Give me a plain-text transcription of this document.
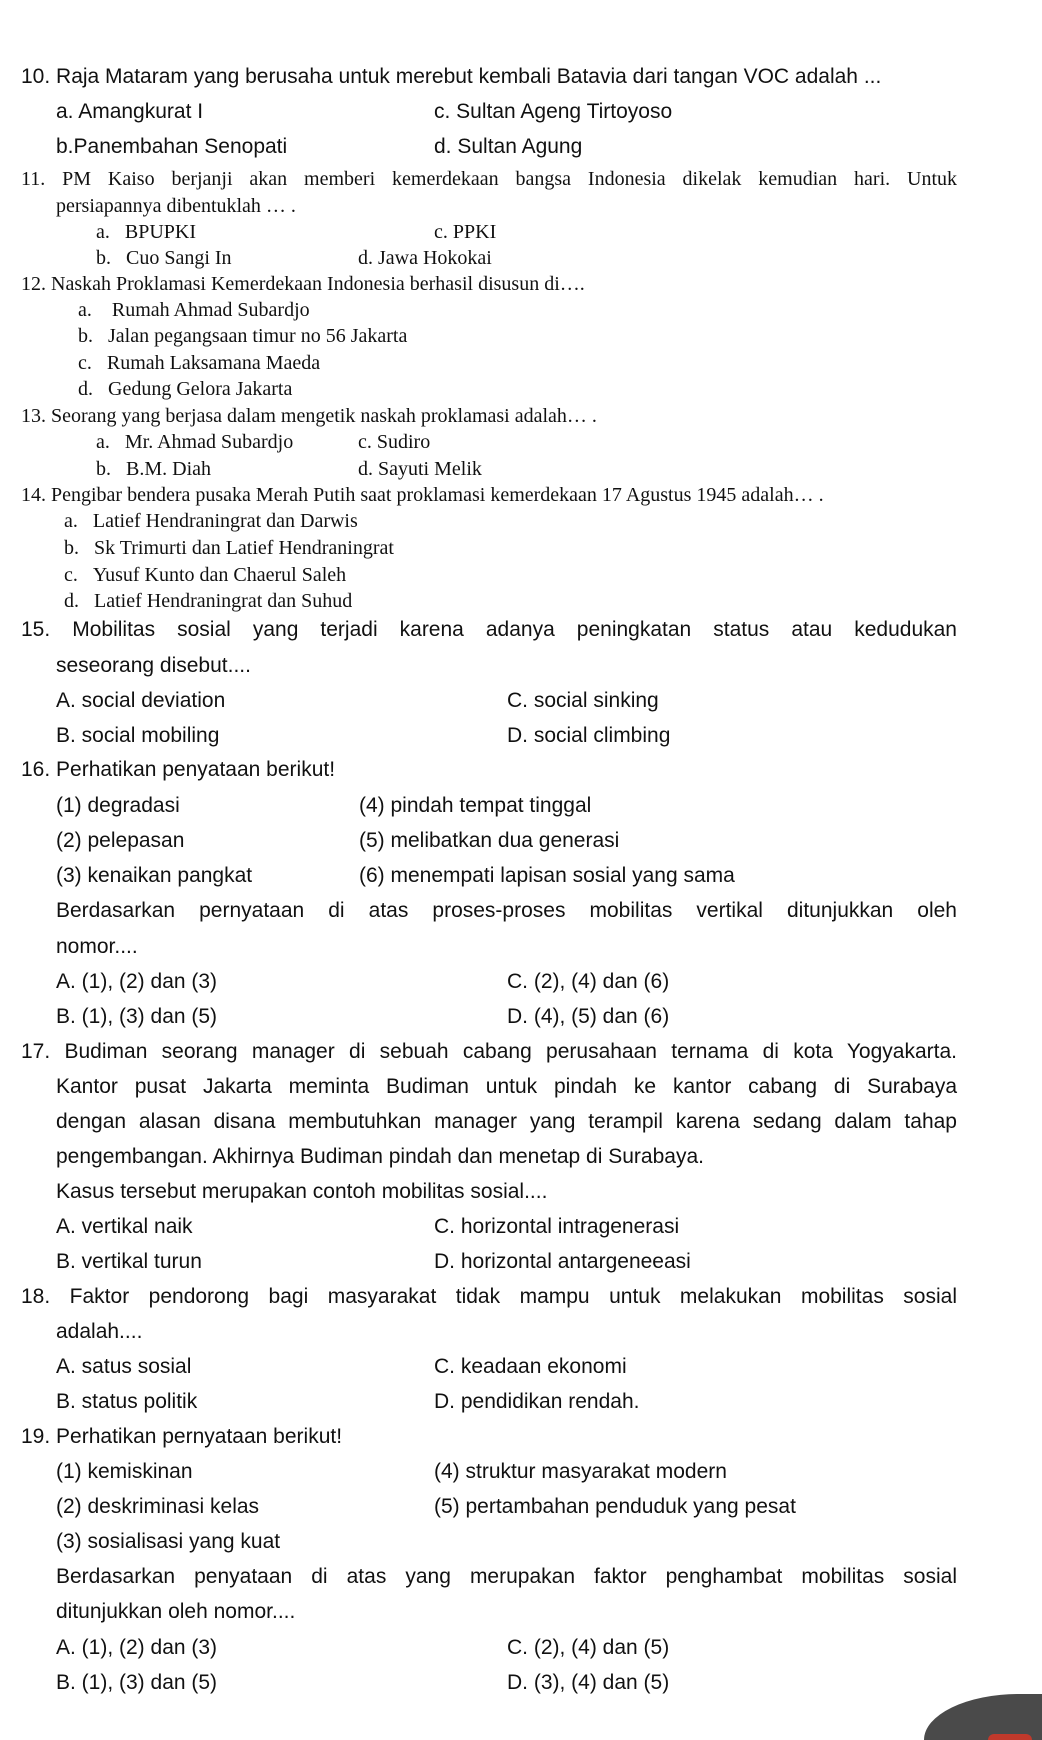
10. Raja Mataram yang berusaha untuk merebut kembali Batavia dari tangan VOC adalah ...
a. Amangkurat I	c. Sultan Ageng Tirtoyoso
b.Panembahan Senopati	d. Sultan Agung
11. PM Kaiso berjanji akan memberi kemerdekaan bangsa Indonesia dikelak kemudian hari. Untuk
persiapannya dibentuklah … .
a.   BPUPKI	c. PPKI
b.   Cuo Sangi In	d. Jawa Hokokai
12. Naskah Proklamasi Kemerdekaan Indonesia berhasil disusun di….
a.    Rumah Ahmad Subardjo
b.   Jalan pegangsaan timur no 56 Jakarta
c.   Rumah Laksamana Maeda
d.   Gedung Gelora Jakarta
13. Seorang yang berjasa dalam mengetik naskah proklamasi adalah… .
a.   Mr. Ahmad Subardjo	c. Sudiro
b.   B.M. Diah	d. Sayuti Melik
14. Pengibar bendera pusaka Merah Putih saat proklamasi kemerdekaan 17 Agustus 1945 adalah… .
a.   Latief Hendraningrat dan Darwis
b.   Sk Trimurti dan Latief Hendraningrat
c.   Yusuf Kunto dan Chaerul Saleh
d.   Latief Hendraningrat dan Suhud
15. Mobilitas sosial yang terjadi karena adanya peningkatan status atau kedudukan
seseorang disebut....
A. social deviation	C. social sinking
B. social mobiling	D. social climbing
16. Perhatikan penyataan berikut!
(1) degradasi	(4) pindah tempat tinggal
(2) pelepasan	(5) melibatkan dua generasi
(3) kenaikan pangkat	(6) menempati lapisan sosial yang sama
Berdasarkan pernyataan di atas proses-proses mobilitas vertikal ditunjukkan oleh
nomor....
A. (1), (2) dan (3)	C. (2), (4) dan (6)
B. (1), (3) dan (5)	D. (4), (5) dan (6)
17. Budiman seorang manager di sebuah cabang perusahaan ternama di kota Yogyakarta.
Kantor pusat Jakarta meminta Budiman untuk pindah ke kantor cabang di Surabaya
dengan alasan disana membutuhkan manager yang terampil karena sedang dalam tahap
pengembangan. Akhirnya Budiman pindah dan menetap di Surabaya.
Kasus tersebut merupakan contoh mobilitas sosial....
A. vertikal naik	C. horizontal intragenerasi
B. vertikal turun	D. horizontal antargeneeasi
18. Faktor pendorong bagi masyarakat tidak mampu untuk melakukan mobilitas sosial
adalah....
A. satus sosial	C. keadaan ekonomi
B. status politik	D. pendidikan rendah.
19. Perhatikan pernyataan berikut!
(1) kemiskinan	(4) struktur masyarakat modern
(2) deskriminasi kelas	(5) pertambahan penduduk yang pesat
(3) sosialisasi yang kuat
Berdasarkan penyataan di atas yang merupakan faktor penghambat mobilitas sosial
ditunjukkan oleh nomor....
A. (1), (2) dan (3)	C. (2), (4) dan (5)
B. (1), (3) dan (5)	D. (3), (4) dan (5)
